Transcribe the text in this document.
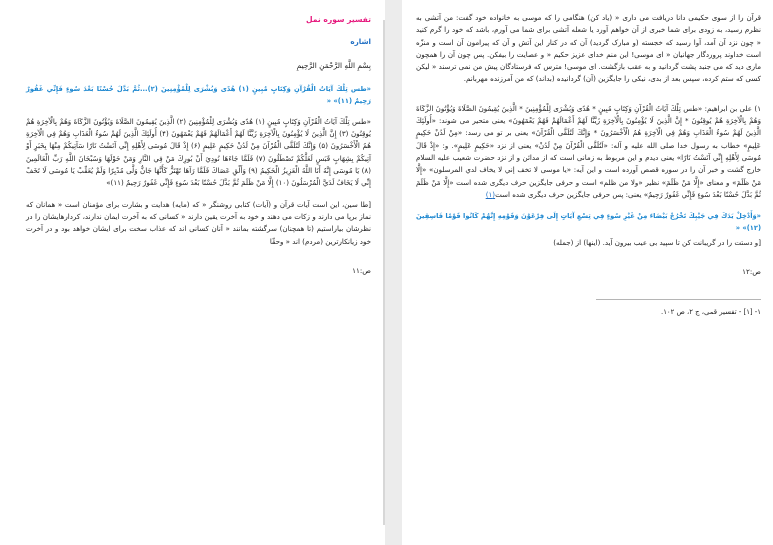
قرآن را از سوی حکیمی دانا دریافت می داری « (یاد کن) هنگامی را که موسی به خانواده خود گفت: من آتشی به نظرم رسید، به زودی برای شما خبری از آن خواهم آورد یا شعله آتشی برای شما می آورم، باشد که خود را گرم کنید « چون نزد آن آمد، آوا رسید که خجسته (و مبارک گردید) آن که در کنار این آتش و آن که پیرامون آن است و منزّه است خداوند پروردگار جهانیان « ای موسی! این منم خدای عزیز حکیم « و عصایت را بیفکن. پس چون آن را همچون ماری دید که می جنبد پشت گردانید و به عقب بازگشت. ای موسی! مترس که فرستادگان پیش من نمی ترسند « لیکن کسی که ستم کرده، سپس بعد از بدی، نیکی را جایگزین (آن) گردانیده (بداند) که من آمرزنده مهربانم.

۱) علی بن ابراهیم: «طس تِلْكَ آيَاتُ الْقُرْآنِ وَكِتَابٍ مُبِينٍ * هُدًى وَبُشْرَى لِلْمُؤْمِنِينَ * الَّذِينَ يُقِيمُونَ الصَّلَاةَ وَيُؤْتُونَ الزَّكَاةَ وَهُمْ بِالْآخِرَةِ هُمْ يُوقِنُونَ * إِنَّ الَّذِينَ لَا يُؤْمِنُونَ بِالْآخِرَةِ زَيَّنَّا لَهُمْ أَعْمَالَهُمْ فَهُمْ يَعْمَهُونَ» یعنی متحیر می شوند: «أُولَئِكَ الَّذِينَ لَهُمْ سُوءُ الْعَذَابِ وَهُمْ فِي الْآخِرَةِ هُمُ الْأَخْسَرُونَ * وَإِنَّكَ لَتُلَقَّى الْقُرْآنَ» یعنی بر تو می رسد: «مِنْ لَدُنْ حَكِيمٍ عَلِيمٍ» خطاب به رسول خدا صلی الله علیه و آله: «لَتُلَقَّى الْقُرْآنَ مِنْ لَدُنْ» یعنی از نزد «حَكِيمٍ عَلِيمٍ». و: «إِذْ قَالَ مُوسَى لِأَهْلِهِ إِنِّي آنَسْتُ نَارًا» یعنی دیدم و این مربوط به زمانی است که از مدائن و از نزد حضرت شعیب علیه السلام خارج گشت و خبر آن را در سوره قصص آورده است و این آیه: «یا موسی لا تخف إني لا يخاف لدي المرسلون» «إِلَّا مَنْ ظَلَمَ» و معنای «إِلَّا مَنْ ظَلَمَ» نظیر «ولا من ظلم» است و حرفی جایگزین حرف دیگری شده است «إِلَّا مَنْ ظَلَمَ ثُمَّ بَدَّلَ حُسْنًا بَعْدَ سُوءٍ فَإِنِّي غَفُورٌ رَحِيمٌ» یعنی: پس حرفی جایگزین حرف دیگری شده است(۱)

«وَأَدْخِلْ يَدَكَ فِي جَيْبِكَ تَخْرُجْ بَيْضَاءَ مِنْ غَيْرِ سُوءٍ فِي تِسْعِ آيَاتٍ إِلَى فِرْعَوْنَ وَقَوْمِهِ إِنَّهُمْ كَانُوا قَوْمًا فَاسِقِينَ (۱۲)» «

[و دستت را در گریبانت کن تا سپید بی عیب بیرون آید. (اینها) از (جمله)

ص:۱۲

۱- [۱] - تفسیر قمی، ج ۲، ص ۱۰۲.

تفسیر سوره نمل

اشاره

بِسْمِ اللَّهِ الرَّحْمَنِ الرَّحِيمِ

«طس تِلْكَ آيَاتُ الْقُرْآنِ وَكِتَابٍ مُبِينٍ (۱) هُدًى وَبُشْرَى لِلْمُؤْمِنِينَ (۲)...ثُمَّ بَدَّلَ حُسْنًا بَعْدَ سُوءٍ فَإِنِّي غَفُورٌ رَحِيمٌ (۱۱)» «

«طس تِلْكَ آيَاتُ الْقُرْآنِ وَكِتَابٍ مُبِينٍ (۱) هُدًى وَبُشْرَى لِلْمُؤْمِنِينَ (۲) الَّذِينَ يُقِيمُونَ الصَّلَاةَ وَيُؤْتُونَ الزَّكَاةَ وَهُمْ بِالْآخِرَةِ هُمْ يُوقِنُونَ (۳) إِنَّ الَّذِينَ لَا يُؤْمِنُونَ بِالْآخِرَةِ زَيَّنَّا لَهُمْ أَعْمَالَهُمْ فَهُمْ يَعْمَهُونَ (۴) أُولَئِكَ الَّذِينَ لَهُمْ سُوءُ الْعَذَابِ وَهُمْ فِي الْآخِرَةِ هُمُ الْأَخْسَرُونَ (۵) وَإِنَّكَ لَتُلَقَّى الْقُرْآنَ مِنْ لَدُنْ حَكِيمٍ عَلِيمٍ (۶) إِذْ قَالَ مُوسَى لِأَهْلِهِ إِنِّي آنَسْتُ نَارًا سَآتِيكُمْ مِنْهَا بِخَبَرٍ أَوْ آتِيكُمْ بِشِهَابٍ قَبَسٍ لَعَلَّكُمْ تَصْطَلُونَ (۷) فَلَمَّا جَاءَهَا نُودِيَ أَنْ بُورِكَ مَنْ فِي النَّارِ وَمَنْ حَوْلَهَا وَسُبْحَانَ اللَّهِ رَبِّ الْعَالَمِينَ (۸) يَا مُوسَى إِنَّهُ أَنَا اللَّهُ الْعَزِيزُ الْحَكِيمُ (۹) وَأَلْقِ عَصَاكَ فَلَمَّا رَآهَا تَهْتَزُّ كَأَنَّهَا جَانٌّ وَلَّى مُدْبِرًا وَلَمْ يُعَقِّبْ يَا مُوسَى لَا تَخَفْ إِنِّي لَا يَخَافُ لَدَيَّ الْمُرْسَلُونَ (۱۰) إِلَّا مَنْ ظَلَمَ ثُمَّ بَدَّلَ حُسْنًا بَعْدَ سُوءٍ فَإِنِّي غَفُورٌ رَحِيمٌ (۱۱)»

[طا سین، این است آیات قرآن و (آیات) کتابی روشنگر « که (مایه) هدایت و بشارت برای مؤمنان است « همانان که نماز برپا می دارند و زکات می دهند و خود به آخرت یقین دارند « کسانی که به آخرت ایمان ندارند، کردارهایشان را در نظرشان بیاراستیم (تا همچنان) سرگشته بمانند « آنان کسانی اند که عذاب سخت برای ایشان خواهد بود و در آخرت خود زیانکارترین (مردم) اند « وحقّا

ص:۱۱
